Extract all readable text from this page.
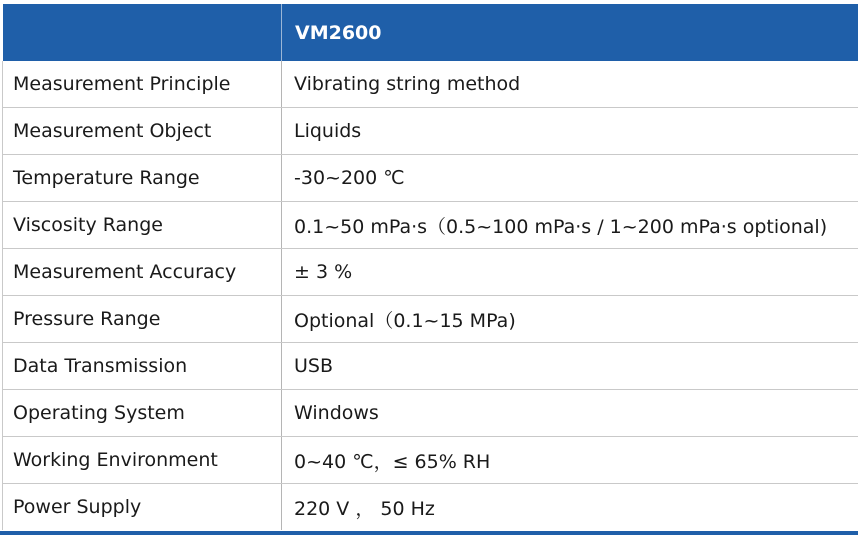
	VM2600
Measurement Principle	Vibrating string method
Measurement Object	Liquids
Temperature Range	-30~200 ℃
Viscosity Range	0.1~50 mPa·s（0.5~100 mPa·s / 1~200 mPa·s optional)
Measurement Accuracy	± 3 %
Pressure Range	Optional（0.1~15 MPa)
Data Transmission	USB
Operating System	Windows
Working Environment	0~40 ℃，≤ 65% RH
Power Supply	220 V ， 50 Hz
